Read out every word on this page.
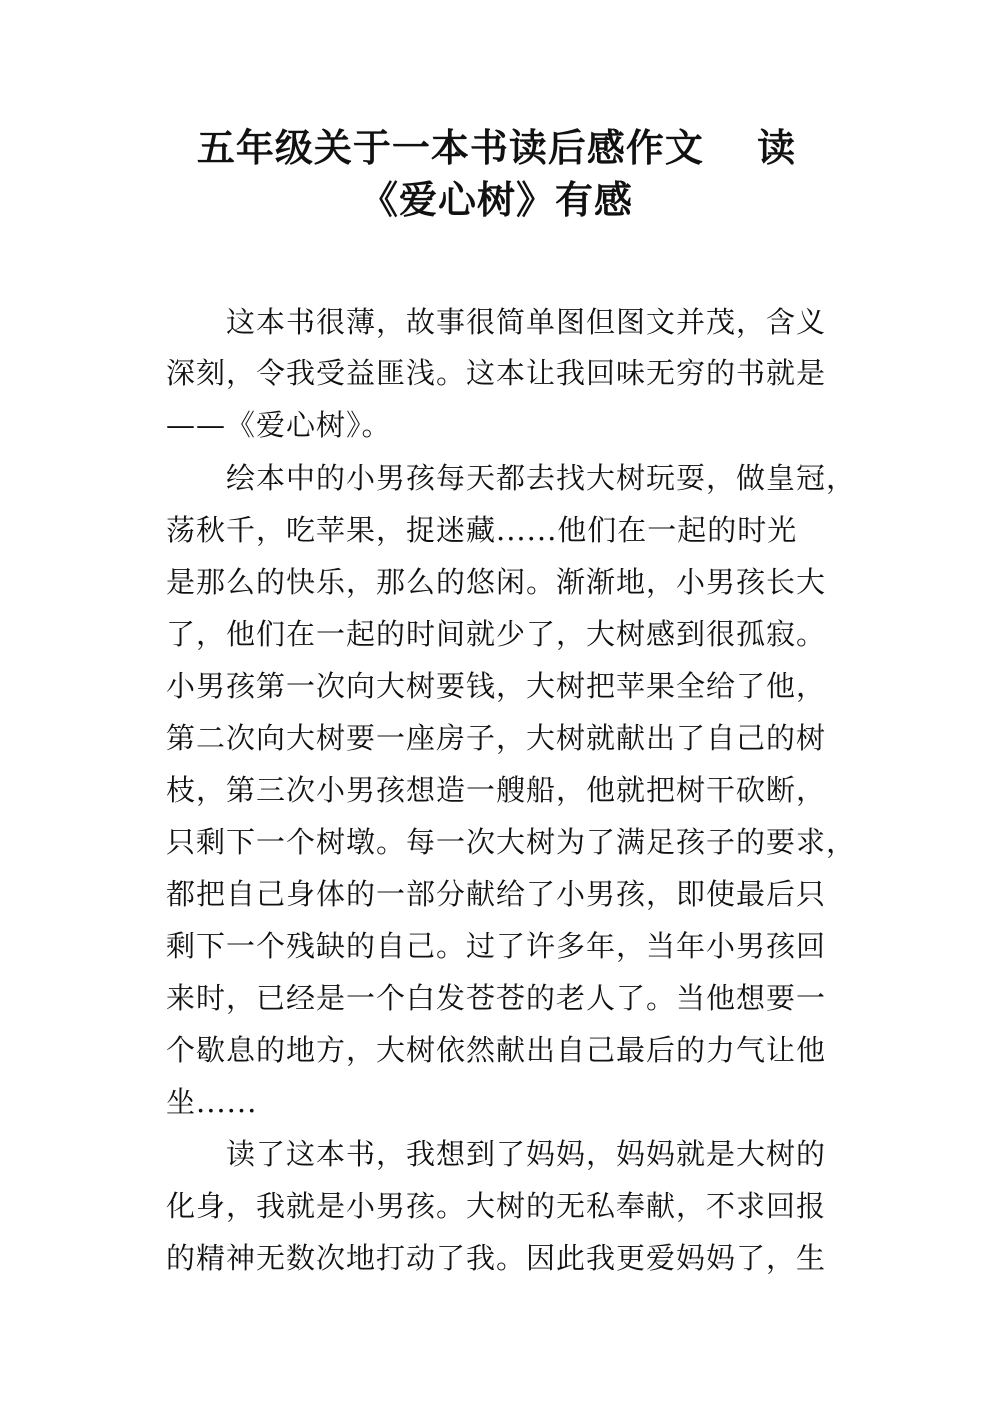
五年级关于一本书读后感作文　 读
《爱心树》有感
　　这本书很薄，故事很简单图但图文并茂，含义
深刻，令我受益匪浅。这本让我回味无穷的书就是
——《爱心树》。
　　绘本中的小男孩每天都去找大树玩耍，做皇冠，
荡秋千，吃苹果，捉迷藏......他们在一起的时光
是那么的快乐，那么的悠闲。渐渐地，小男孩长大
了，他们在一起的时间就少了，大树感到很孤寂。
小男孩第一次向大树要钱，大树把苹果全给了他，
第二次向大树要一座房子，大树就献出了自己的树
枝，第三次小男孩想造一艘船，他就把树干砍断，
只剩下一个树墩。每一次大树为了满足孩子的要求，
都把自己身体的一部分献给了小男孩，即使最后只
剩下一个残缺的自己。过了许多年，当年小男孩回
来时，已经是一个白发苍苍的老人了。当他想要一
个歇息的地方，大树依然献出自己最后的力气让他
坐......
　　读了这本书，我想到了妈妈，妈妈就是大树的
化身，我就是小男孩。大树的无私奉献，不求回报
的精神无数次地打动了我。因此我更爱妈妈了，生
